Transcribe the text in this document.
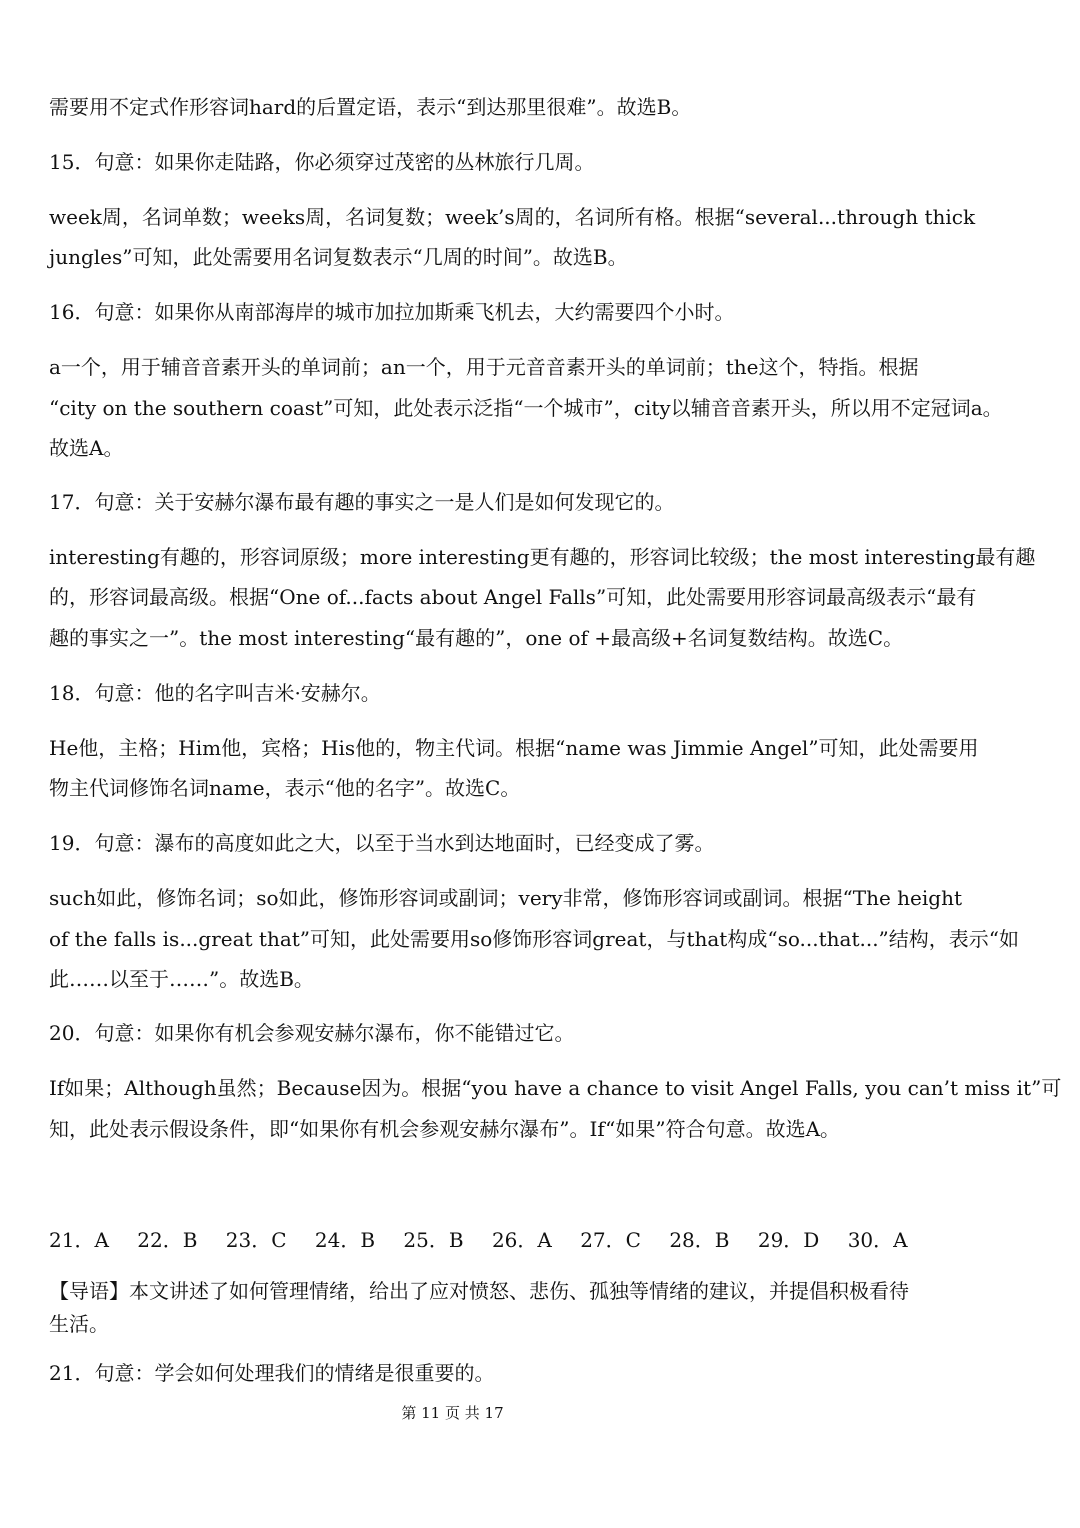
需要用不定式作形容词hard的后置定语，表示“到达那里很难”。故选B。
15．句意：如果你走陆路，你必须穿过茂密的丛林旅行几周。
week周，名词单数；weeks周，名词复数；week’s周的，名词所有格。根据“several...through thick
jungles”可知，此处需要用名词复数表示“几周的时间”。故选B。
16．句意：如果你从南部海岸的城市加拉加斯乘飞机去，大约需要四个小时。
a一个，用于辅音音素开头的单词前；an一个，用于元音音素开头的单词前；the这个，特指。根据
“city on the southern coast”可知，此处表示泛指“一个城市”，city以辅音音素开头，所以用不定冠词a。
故选A。
17．句意：关于安赫尔瀑布最有趣的事实之一是人们是如何发现它的。
interesting有趣的，形容词原级；more interesting更有趣的，形容词比较级；the most interesting最有趣
的，形容词最高级。根据“One of...facts about Angel Falls”可知，此处需要用形容词最高级表示“最有
趣的事实之一”。the most interesting“最有趣的”，one of +最高级+名词复数结构。故选C。
18．句意：他的名字叫吉米·安赫尔。
He他，主格；Him他，宾格；His他的，物主代词。根据“name was Jimmie Angel”可知，此处需要用
物主代词修饰名词name，表示“他的名字”。故选C。
19．句意：瀑布的高度如此之大，以至于当水到达地面时，已经变成了雾。
such如此，修饰名词；so如此，修饰形容词或副词；very非常，修饰形容词或副词。根据“The height
of the falls is...great that”可知，此处需要用so修饰形容词great，与that构成“so...that...”结构，表示“如
此……以至于……”。故选B。
20．句意：如果你有机会参观安赫尔瀑布，你不能错过它。
If如果；Although虽然；Because因为。根据“you have a chance to visit Angel Falls, you can’t miss it”可
知，此处表示假设条件，即“如果你有机会参观安赫尔瀑布”。If“如果”符合句意。故选A。
21．A 22．B 23．C 24．B 25．B 26．A 27．C 28．B 29．D 30．A
【导语】本文讲述了如何管理情绪，给出了应对愤怒、悲伤、孤独等情绪的建议，并提倡积极看待
生活。
21．句意：学会如何处理我们的情绪是很重要的。
第 11 页 共 17
